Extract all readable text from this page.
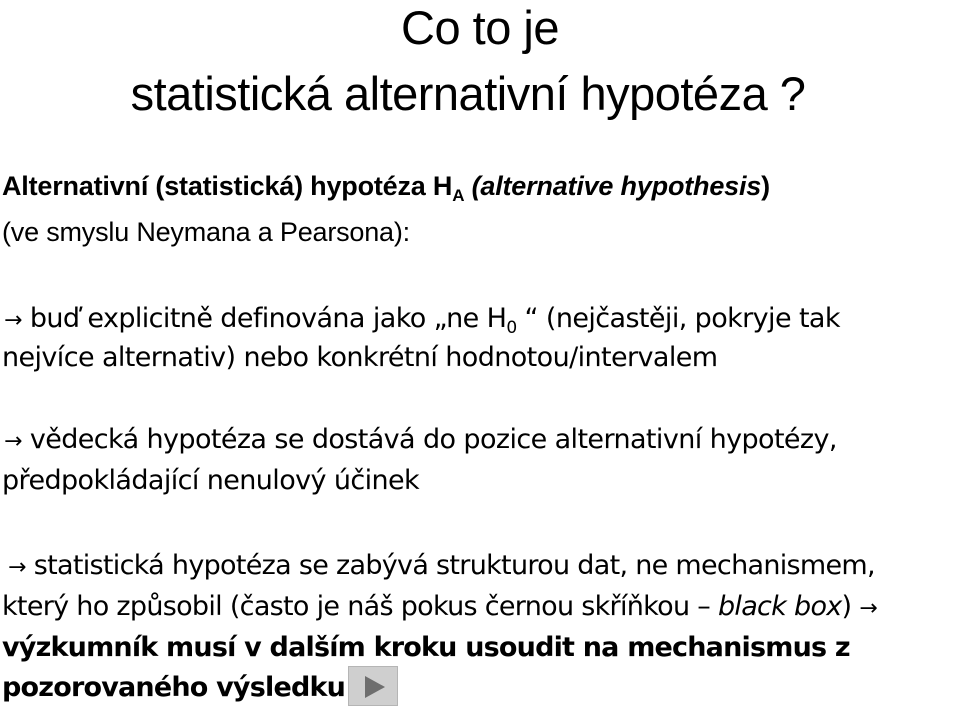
Co to je
statistická alternativní hypotéza ?
Alternativní (statistická) hypotéza $H_A$ (alternative hypothesis)
(ve smyslu Neymana a Pearsona):
→ buď explicitně definována jako „ne $H_0$ “ (nejčastěji, pokryje tak
nejvíce alternativ) nebo konkrétní hodnotou/intervalem
→ vědecká hypotéza se dostává do pozice alternativní hypotézy,
předpokládající nenulový účinek
→ statistická hypotéza se zabývá strukturou dat, ne mechanismem,
který ho způsobil (často je náš pokus černou skříňkou – black box) →
výzkumník musí v dalším kroku usoudit na mechanismus z
pozorovaného výsledku
